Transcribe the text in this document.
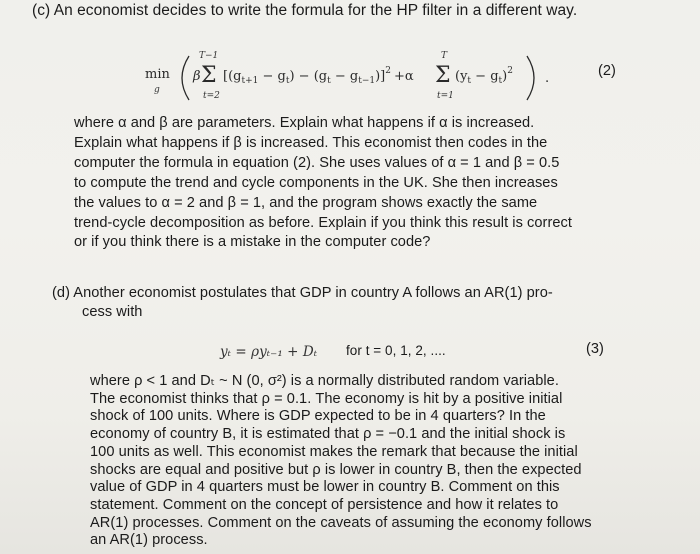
(c) An economist decides to write the formula for the HP filter in a different way.
min
g
β
T−1
Σ
t=2
$[(g_{t+1} - g_t) - (g_t - g_{t-1})]^2 +\alpha$
T
Σ
t=1
$(y_t - g_t)^2$ .	(2)
where α and β are parameters. Explain what happens if α is increased.
Explain what happens if β is increased. This economist then codes in the
computer the formula in equation (2). She uses values of α = 1 and β = 0.5
to compute the trend and cycle components in the UK. She then increases
the values to α = 2 and β = 1, and the program shows exactly the same
trend-cycle decomposition as before. Explain if you think this result is correct
or if you think there is a mistake in the computer code?
(d) Another economist postulates that GDP in country A follows an AR(1) pro-
cess with
yₜ = ρyₜ₋₁ + Dₜ for t = 0, 1, 2, ....	(3)
where ρ < 1 and Dₜ ~ N (0, σ²) is a normally distributed random variable.
The economist thinks that ρ = 0.1. The economy is hit by a positive initial
shock of 100 units. Where is GDP expected to be in 4 quarters? In the
economy of country B, it is estimated that ρ = −0.1 and the initial shock is
100 units as well. This economist makes the remark that because the initial
shocks are equal and positive but ρ is lower in country B, then the expected
value of GDP in 4 quarters must be lower in country B. Comment on this
statement. Comment on the concept of persistence and how it relates to
AR(1) processes. Comment on the caveats of assuming the economy follows
an AR(1) process.
